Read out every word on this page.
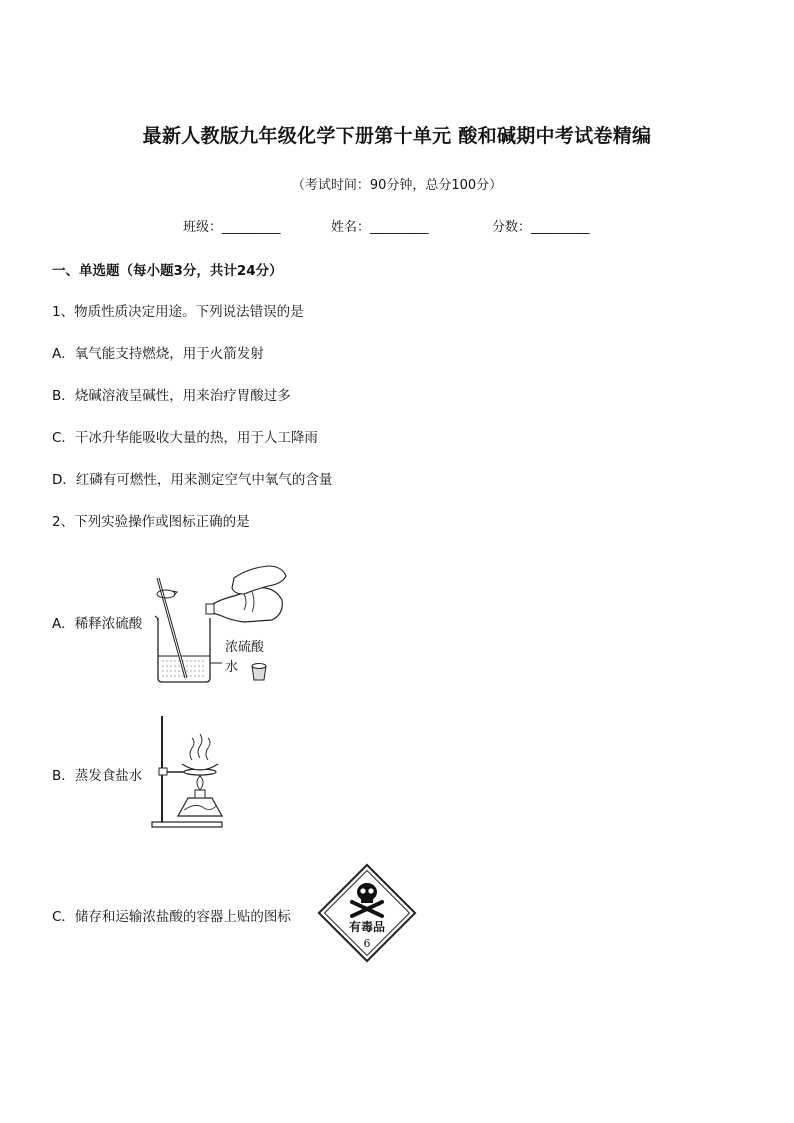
最新人教版九年级化学下册第十单元 酸和碱期中考试卷精编
（考试时间：90分钟，总分100分）
班级：_________	姓名：_________	分数：_________
一、单选题（每小题3分，共计24分）
1、物质性质决定用途。下列说法错误的是
A．氧气能支持燃烧，用于火箭发射
B．烧碱溶液呈碱性，用来治疗胃酸过多
C．干冰升华能吸收大量的热，用于人工降雨
D．红磷有可燃性，用来测定空气中氧气的含量
2、下列实验操作或图标正确的是
A．稀释浓硫酸
浓硫酸
水
B．蒸发食盐水
C．储存和运输浓盐酸的容器上贴的图标
有毒品
6
